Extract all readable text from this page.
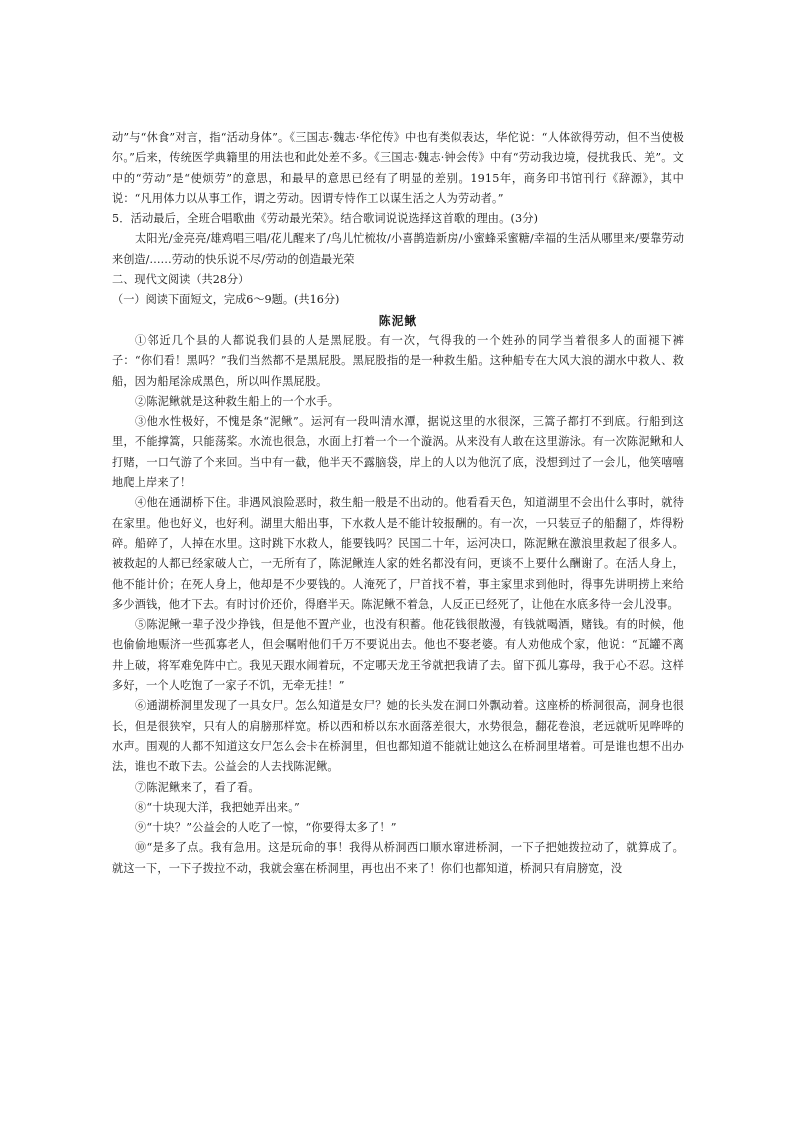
动”与“休食”对言，指“活动身体”。《三国志·魏志·华佗传》中也有类似表达，华佗说：“人体欲得劳动，但不当使极尔。”后来，传统医学典籍里的用法也和此处差不多。《三国志·魏志·钟会传》中有“劳动我边境，侵扰我氏、羌”。文中的“劳动”是“使烦劳”的意思，和最早的意思已经有了明显的差别。1915年，商务印书馆刊行《辞源》，其中说：“凡用体力以从事工作，谓之劳动。因谓专恃作工以谋生活之人为劳动者。”

5．活动最后，全班合唱歌曲《劳动最光荣》。结合歌词说说选择这首歌的理由。(3分)

太阳光/金亮亮/雄鸡唱三唱/花儿醒来了/鸟儿忙梳妆/小喜鹊造新房/小蜜蜂采蜜糖/幸福的生活从哪里来/要靠劳动来创造/……劳动的快乐说不尽/劳动的创造最光荣

二、现代文阅读（共28分）

（一）阅读下面短文，完成6～9题。(共16分)

陈泥鳅

①邻近几个县的人都说我们县的人是黑屁股。有一次，气得我的一个姓孙的同学当着很多人的面褪下裤子：“你们看！黑吗？”我们当然都不是黑屁股。黑屁股指的是一种救生船。这种船专在大风大浪的湖水中救人、救船，因为船尾涂成黑色，所以叫作黑屁股。

②陈泥鳅就是这种救生船上的一个水手。

③他水性极好，不愧是条“泥鳅”。运河有一段叫清水潭，据说这里的水很深，三篙子都打不到底。行船到这里，不能撑篙，只能荡桨。水流也很急，水面上打着一个一个漩涡。从来没有人敢在这里游泳。有一次陈泥鳅和人打赌，一口气游了个来回。当中有一截，他半天不露脑袋，岸上的人以为他沉了底，没想到过了一会儿，他笑嘻嘻地爬上岸来了！

④他在通湖桥下住。非遇风浪险恶时，救生船一般是不出动的。他看看天色，知道湖里不会出什么事时，就待在家里。他也好义，也好利。湖里大船出事，下水救人是不能计较报酬的。有一次，一只装豆子的船翻了，炸得粉碎。船碎了，人掉在水里。这时跳下水救人，能要钱吗？民国二十年，运河决口，陈泥鳅在激浪里救起了很多人。被救起的人都已经家破人亡，一无所有了，陈泥鳅连人家的姓名都没有问，更谈不上要什么酬谢了。在活人身上，他不能计价；在死人身上，他却是不少要钱的。人淹死了，尸首找不着，事主家里求到他时，得事先讲明捞上来给多少酒钱，他才下去。有时讨价还价，得磨半天。陈泥鳅不着急，人反正已经死了，让他在水底多待一会儿没事。

⑤陈泥鳅一辈子没少挣钱，但是他不置产业，也没有积蓄。他花钱很散漫，有钱就喝酒，赌钱。有的时候，他也偷偷地赈济一些孤寡老人，但会嘱咐他们千万不要说出去。他也不娶老婆。有人劝他成个家，他说：“瓦罐不离井上破，将军难免阵中亡。我见天跟水闹着玩，不定哪天龙王爷就把我请了去。留下孤儿寡母，我于心不忍。这样多好，一个人吃饱了一家子不饥，无牵无挂！”

⑥通湖桥洞里发现了一具女尸。怎么知道是女尸？她的长头发在洞口外飘动着。这座桥的桥洞很高，洞身也很长，但是很狭窄，只有人的肩膀那样宽。桥以西和桥以东水面落差很大，水势很急，翻花卷浪，老远就听见哗哗的水声。围观的人都不知道这女尸怎么会卡在桥洞里，但也都知道不能就让她这么在桥洞里堵着。可是谁也想不出办法，谁也不敢下去。公益会的人去找陈泥鳅。

⑦陈泥鳅来了，看了看。

⑧“十块现大洋，我把她弄出来。”

⑨“十块？”公益会的人吃了一惊，“你要得太多了！”

⑩“是多了点。我有急用。这是玩命的事！我得从桥洞西口顺水窜进桥洞，一下子把她拨拉动了，就算成了。就这一下，一下子拨拉不动，我就会塞在桥洞里，再也出不来了！你们也都知道，桥洞只有肩膀宽，没
